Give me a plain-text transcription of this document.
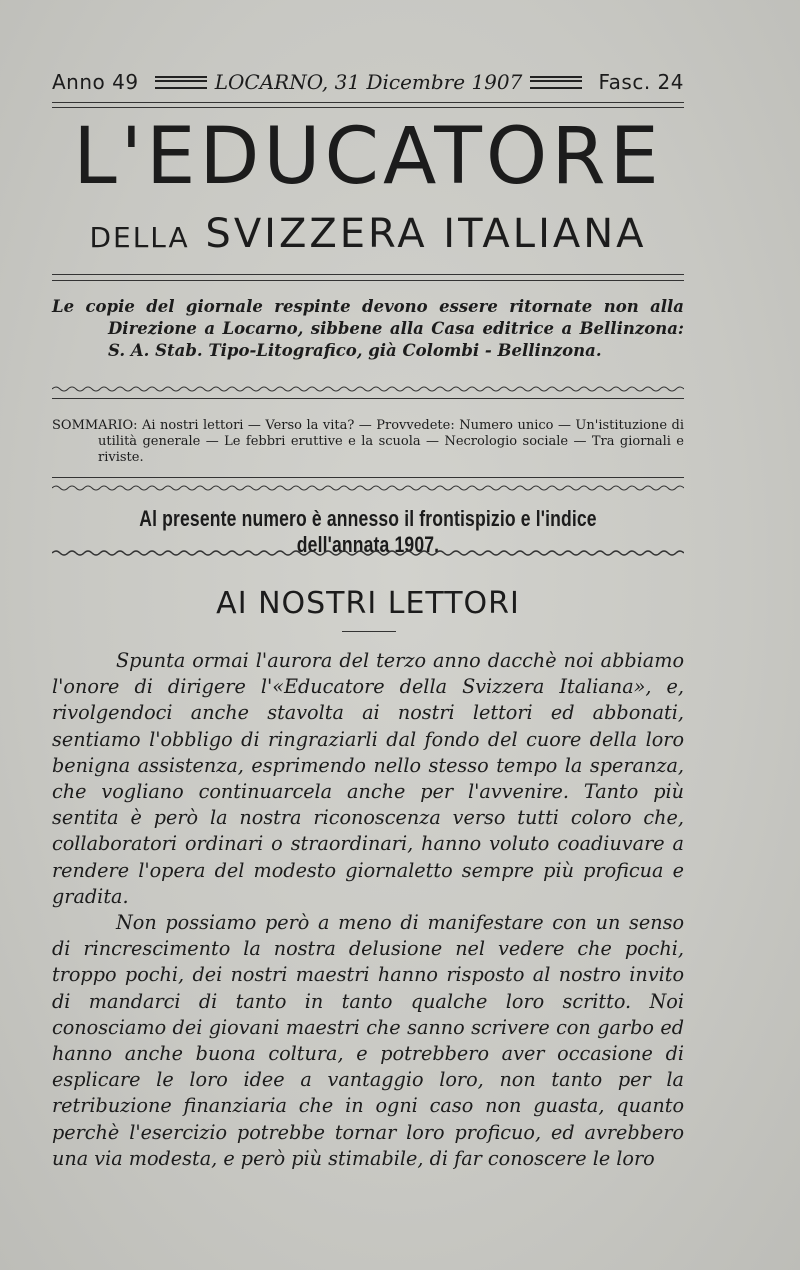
Anno 49	LOCARNO, 31 Dicembre 1907	Fasc. 24
L'EDUCATORE
DELLA SVIZZERA ITALIANA

Le copie del giornale respinte devono essere ritornate non alla Direzione a Locarno, sibbene alla Casa editrice a Bellinzona: S. A. Stab. Tipo-Litografico, già Colombi - Bellinzona.

SOMMARIO: Ai nostri lettori — Verso la vita? — Provvedete: Numero unico — Un'istituzione di utilità generale — Le febbri eruttive e la scuola — Necrologio sociale — Tra giornali e riviste.

Al presente numero è annesso il frontispizio e l'indice dell'annata 1907.
AI NOSTRI LETTORI

Spunta ormai l'aurora del terzo anno dacchè noi abbiamo l'onore di dirigere l'«Educatore della Svizzera Italiana», e, rivolgendoci anche stavolta ai nostri lettori ed abbonati, sentiamo l'obbligo di ringraziarli dal fondo del cuore della loro benigna assistenza, esprimendo nello stesso tempo la speranza, che vogliano continuarcela anche per l'avvenire. Tanto più sentita è però la nostra riconoscenza verso tutti coloro che, collaboratori ordinari o straordinari, hanno voluto coadiuvare a rendere l'opera del modesto giornaletto sempre più proficua e gradita.

Non possiamo però a meno di manifestare con un senso di rincrescimento la nostra delusione nel vedere che pochi, troppo pochi, dei nostri maestri hanno risposto al nostro invito di mandarci di tanto in tanto qualche loro scritto. Noi conosciamo dei giovani maestri che sanno scrivere con garbo ed hanno anche buona coltura, e potrebbero aver occasione di esplicare le loro idee a vantaggio loro, non tanto per la retribuzione finanziaria che in ogni caso non guasta, quanto perchè l'esercizio potrebbe tornar loro proficuo, ed avrebbero una via modesta, e però più stimabile, di far conoscere le loro
